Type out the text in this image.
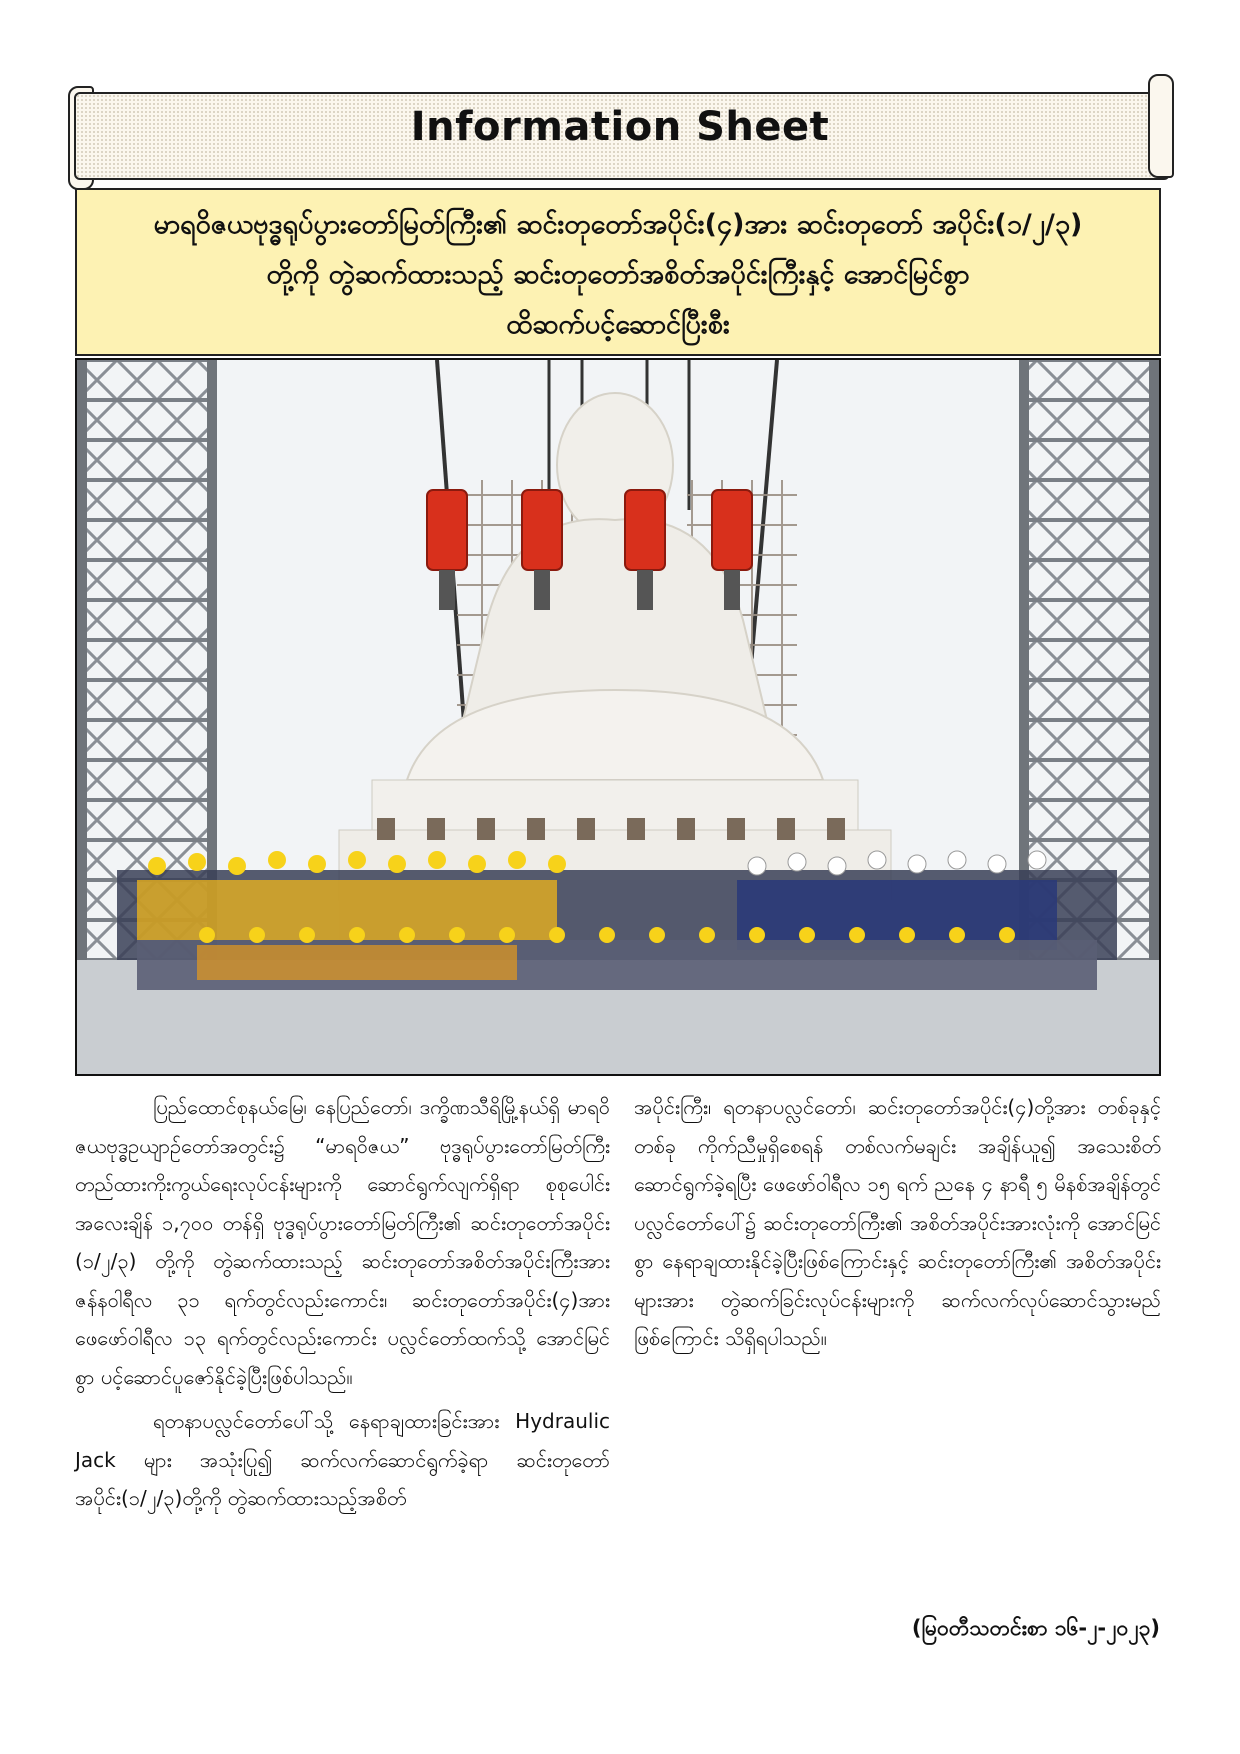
Information Sheet
မာရဝိဇယဗုဒ္ဓရုပ်ပွားတော်မြတ်ကြီး၏ ဆင်းတုတော်အပိုင်း(၄)အား ဆင်းတုတော် အပိုင်း(၁/၂/၃)
တို့ကို တွဲဆက်ထားသည့် ဆင်းတုတော်အစိတ်အပိုင်းကြီးနှင့် အောင်မြင်စွာ
ထိဆက်ပင့်ဆောင်ပြီးစီး

ပြည်ထောင်စုနယ်မြေ၊ နေပြည်တော်၊ ဒက္ခိဏသီရိမြို့နယ်ရှိ မာရဝိဇယဗုဒ္ဓဥယျာဉ်တော်အတွင်း၌ “မာရဝိဇယ” ဗုဒ္ဓရုပ်ပွားတော်မြတ်ကြီး တည်ထားကိုးကွယ်ရေးလုပ်ငန်းများကို ဆောင်ရွက်လျက်ရှိရာ စုစုပေါင်းအလေးချိန် ၁,၇၀၀ တန်ရှိ ဗုဒ္ဓရုပ်ပွားတော်မြတ်ကြီး၏ ဆင်းတုတော်အပိုင်း (၁/၂/၃) တို့ကို တွဲဆက်ထားသည့် ဆင်းတုတော်အစိတ်အပိုင်းကြီးအား ဇန်နဝါရီလ ၃၁ ရက်တွင်လည်းကောင်း၊ ဆင်းတုတော်အပိုင်း(၄)အား ဖေဖော်ဝါရီလ ၁၃ ရက်တွင်လည်းကောင်း ပလ္လင်တော်ထက်သို့ အောင်မြင်စွာ ပင့်ဆောင်ပူဇော်နိုင်ခဲ့ပြီးဖြစ်ပါသည်။

ရတနာပလ္လင်တော်ပေါ်သို့ နေရာချထားခြင်းအား Hydraulic Jack များ အသုံးပြု၍ ဆက်လက်ဆောင်ရွက်ခဲ့ရာ ဆင်းတုတော်အပိုင်း(၁/၂/၃)တို့ကို တွဲဆက်ထားသည့်အစိတ်

အပိုင်းကြီး၊ ရတနာပလ္လင်တော်၊ ဆင်းတုတော်အပိုင်း(၄)တို့အား တစ်ခုနှင့်တစ်ခု ကိုက်ညီမှုရှိစေရန် တစ်လက်မချင်း အချိန်ယူ၍ အသေးစိတ်ဆောင်ရွက်ခဲ့ရပြီး ဖေဖော်ဝါရီလ ၁၅ ရက် ညနေ ၄ နာရီ ၅ မိနစ်အချိန်တွင် ပလ္လင်တော်ပေါ်၌ ဆင်းတုတော်ကြီး၏ အစိတ်အပိုင်းအားလုံးကို အောင်မြင်စွာ နေရာချထားနိုင်ခဲ့ပြီးဖြစ်ကြောင်းနှင့် ဆင်းတုတော်ကြီး၏ အစိတ်အပိုင်းများအား တွဲဆက်ခြင်းလုပ်ငန်းများကို ဆက်လက်လုပ်ဆောင်သွားမည်ဖြစ်ကြောင်း သိရှိရပါသည်။

(မြဝတီသတင်းစာ ၁၆-၂-၂၀၂၃)
